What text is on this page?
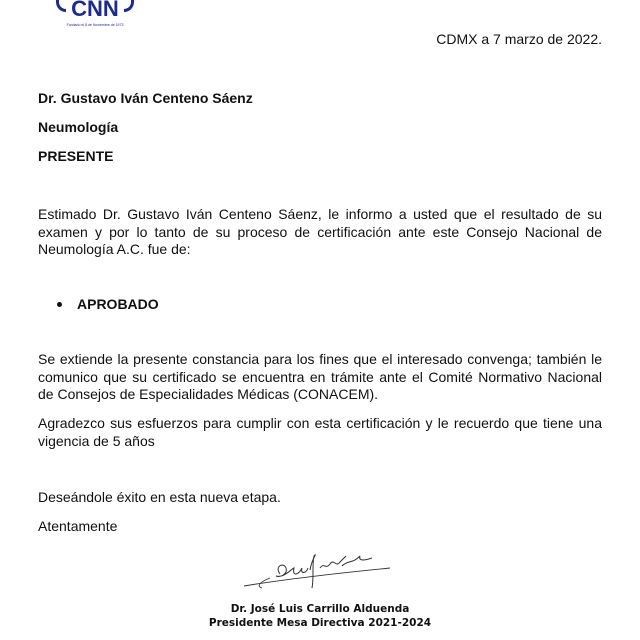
CNN
Fundado el 8 de Noviembre de 1973
CDMX a 7 marzo de 2022.
Dr. Gustavo Iván Centeno Sáenz
Neumología
PRESENTE
Estimado Dr. Gustavo Iván Centeno Sáenz, le informo a usted que el resultado de su examen y por lo tanto de su proceso de certificación ante este Consejo Nacional de Neumología A.C. fue de:
APROBADO
Se extiende la presente constancia para los fines que el interesado convenga; también le comunico que su certificado se encuentra en trámite ante el Comité Normativo Nacional de Consejos de Especialidades Médicas (CONACEM).
Agradezco sus esfuerzos para cumplir con esta certificación y le recuerdo que tiene una vigencia de 5 años
Deseándole éxito en esta nueva etapa.
Atentamente
Dr. José Luis Carrillo Alduenda
Presidente Mesa Directiva 2021-2024
